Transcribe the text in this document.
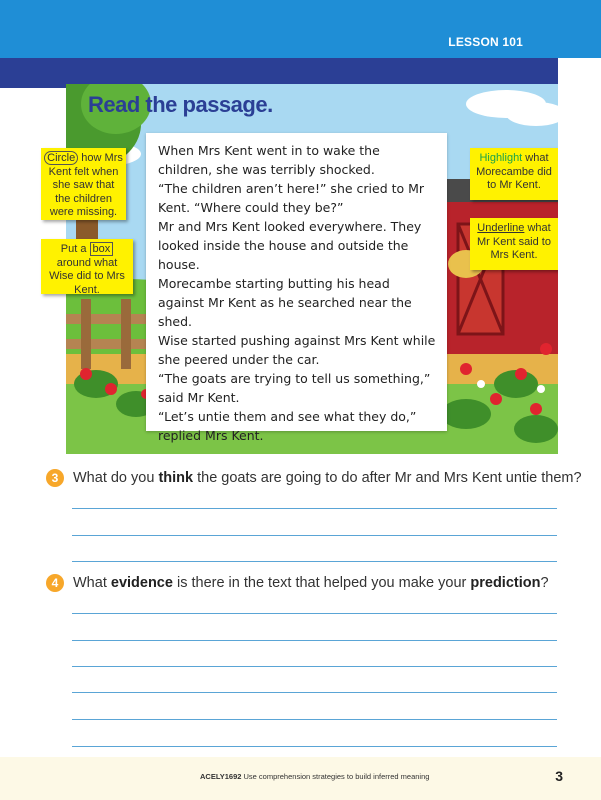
LESSON 101
Read the passage.
Circle how Mrs Kent felt when she saw that the children were missing.
Put a box around what Wise did to Mrs Kent.
Highlight what Morecambe did to Mr Kent.
Underline what Mr Kent said to Mrs Kent.

When Mrs Kent went in to wake the children, she was terribly shocked.

“The children aren’t here!” she cried to Mr Kent. “Where could they be?”

Mr and Mrs Kent looked everywhere. They looked inside the house and outside the house.

Morecambe starting butting his head against Mr Kent as he searched near the shed.

Wise started pushing against Mrs Kent while she peered under the car.

“The goats are trying to tell us something,” said Mr Kent.

“Let’s untie them and see what they do,” replied Mrs Kent.

3	What do you think the goats are going to do after Mr and Mrs Kent untie them?
4	What evidence is there in the text that helped you make your prediction?
ACELY1692 Use comprehension strategies to build inferred meaning	3
